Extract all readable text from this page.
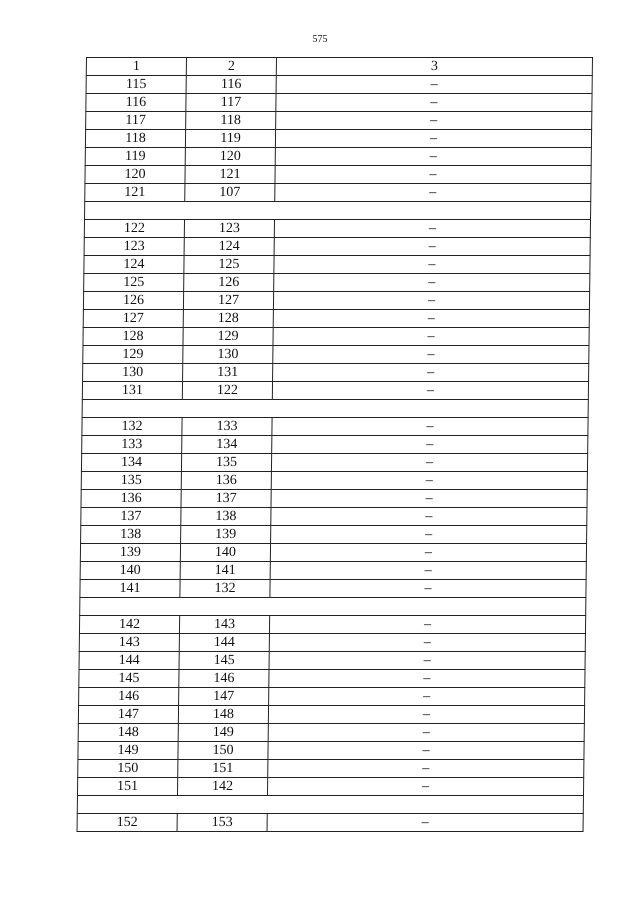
575
1	2	3
115	116	–
116	117	–
117	118	–
118	119	–
119	120	–
120	121	–
121	107	–

122	123	–
123	124	–
124	125	–
125	126	–
126	127	–
127	128	–
128	129	–
129	130	–
130	131	–
131	122	–

132	133	–
133	134	–
134	135	–
135	136	–
136	137	–
137	138	–
138	139	–
139	140	–
140	141	–
141	132	–

142	143	–
143	144	–
144	145	–
145	146	–
146	147	–
147	148	–
148	149	–
149	150	–
150	151	–
151	142	–

152	153	–
